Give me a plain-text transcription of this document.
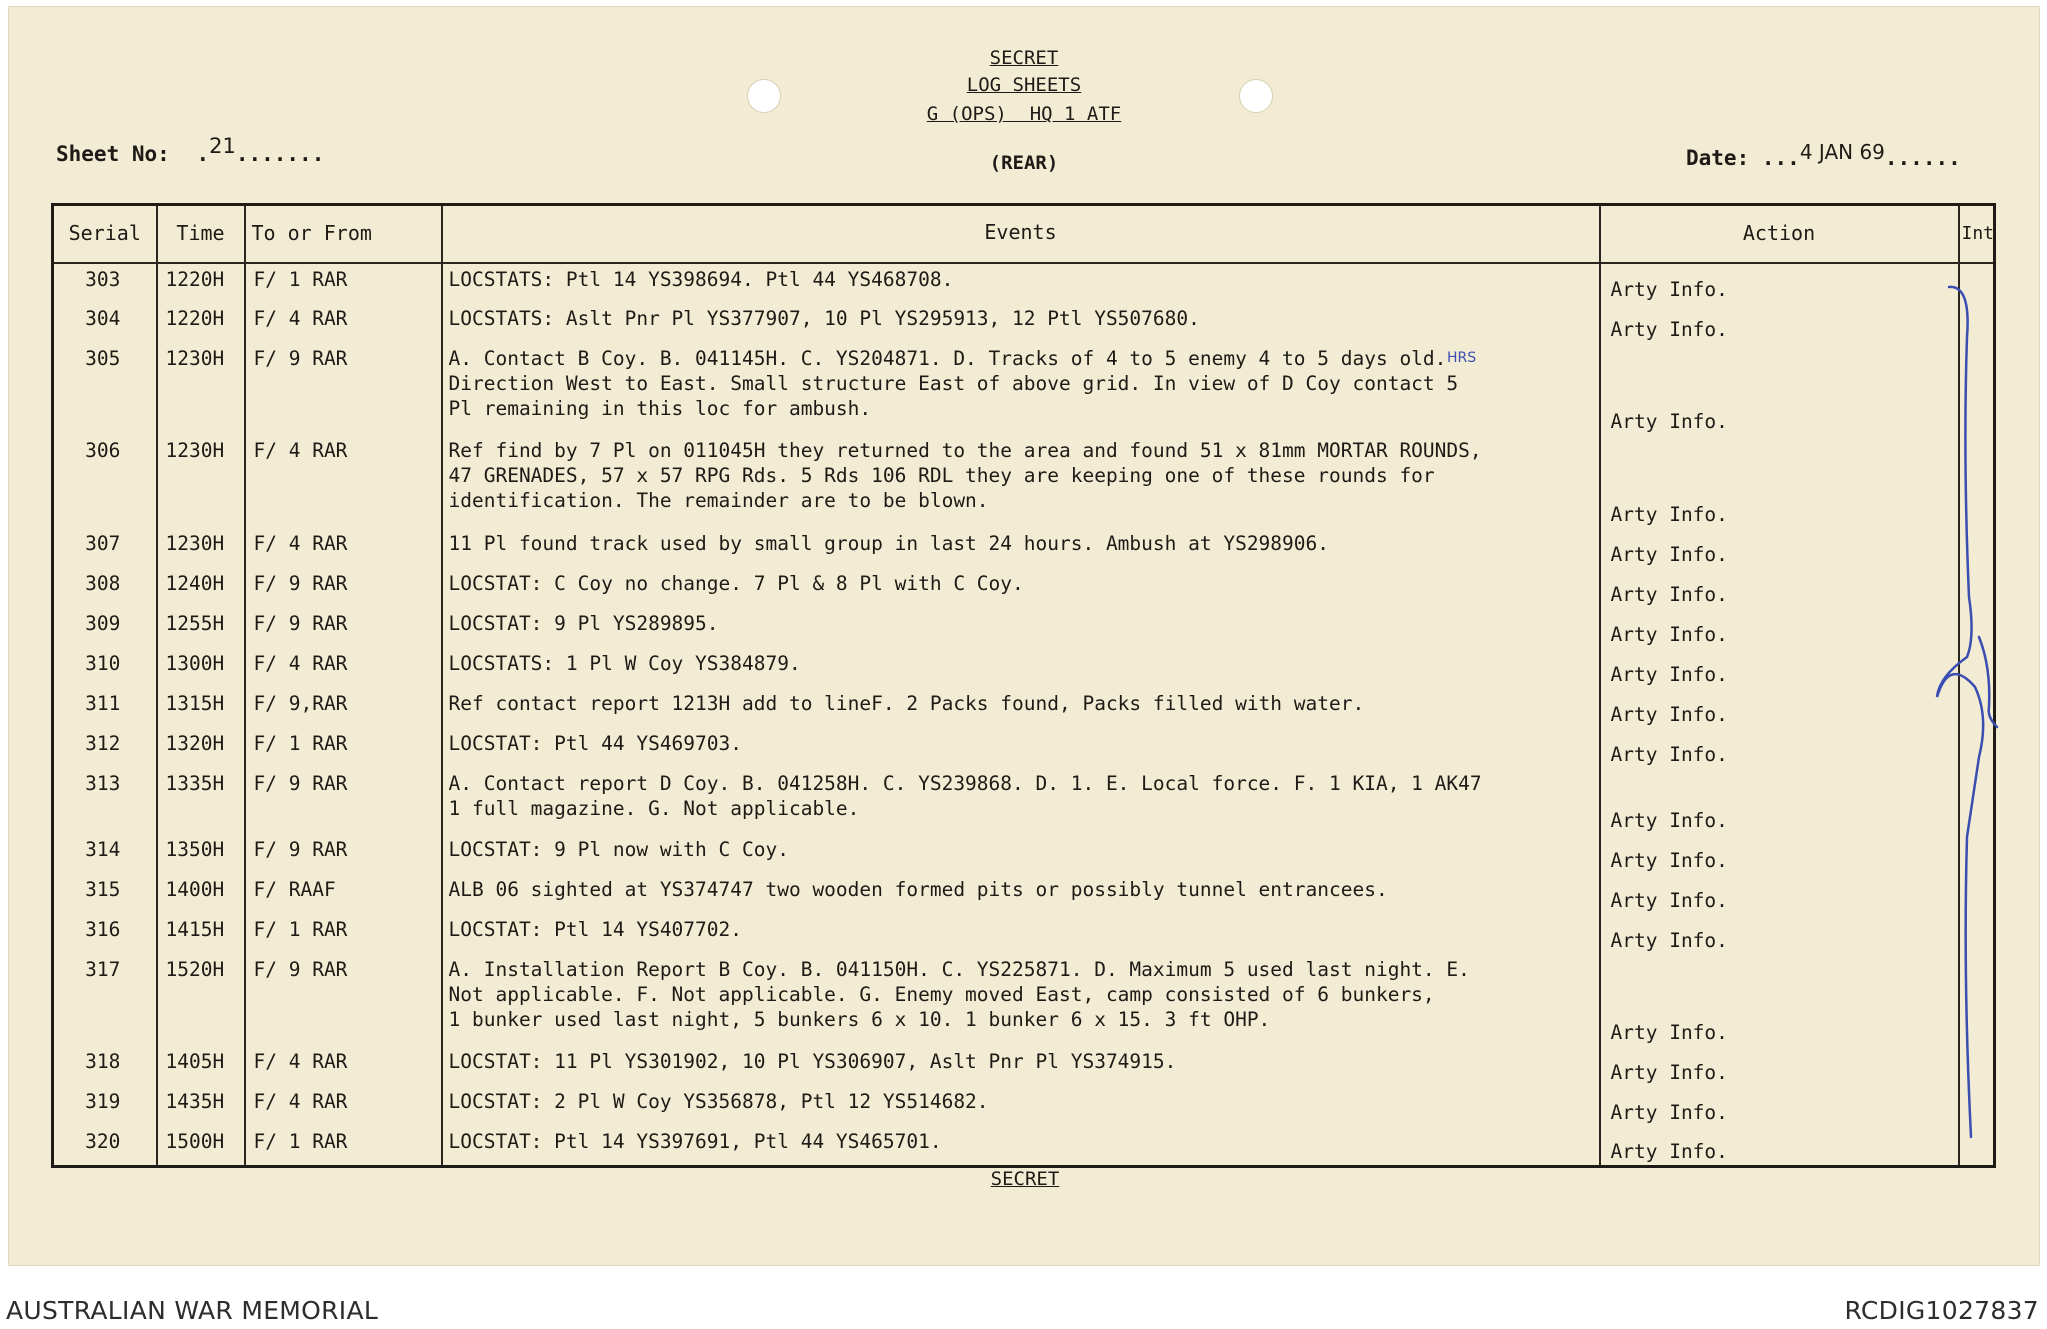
SECRET
LOG SHEETS
G (OPS)  HQ 1 ATF
(REAR)
Sheet No: .21.......	Date: ...4 JAN 69......
Serial	Time	To or From	Events	Action	Int
303	1220H	F/ 1 RAR	LOCSTATS: Ptl 14 YS398694. Ptl 44 YS468708.	Arty Info.	
304	1220H	F/ 4 RAR	LOCSTATS: Aslt Pnr Pl YS377907, 10 Pl YS295913, 12 Ptl YS507680.	Arty Info.	
305	1230H	F/ 9 RAR	A. Contact B Coy. B. 041145H. C. YS204871. D. Tracks of 4 to 5 enemy 4 to 5 days old.
Direction West to East. Small structure East of above grid. In view of D Coy contact 5
Pl remaining in this loc for ambush.	Arty Info.	
306	1230H	F/ 4 RAR	Ref find by 7 Pl on 011045H they returned to the area and found 51 x 81mm MORTAR ROUNDS,
47 GRENADES, 57 x 57 RPG Rds. 5 Rds 106 RDL they are keeping one of these rounds for
identification. The remainder are to be blown.	Arty Info.	
307	1230H	F/ 4 RAR	11 Pl found track used by small group in last 24 hours. Ambush at YS298906.	Arty Info.	
308	1240H	F/ 9 RAR	LOCSTAT: C Coy no change. 7 Pl & 8 Pl with C Coy.	Arty Info.	
309	1255H	F/ 9 RAR	LOCSTAT: 9 Pl YS289895.	Arty Info.	
310	1300H	F/ 4 RAR	LOCSTATS: 1 Pl W Coy YS384879.	Arty Info.	
311	1315H	F/ 9,RAR	Ref contact report 1213H add to lineF. 2 Packs found, Packs filled with water.	Arty Info.	
312	1320H	F/ 1 RAR	LOCSTAT: Ptl 44 YS469703.	Arty Info.	
313	1335H	F/ 9 RAR	A. Contact report D Coy. B. 041258H. C. YS239868. D. 1. E. Local force. F. 1 KIA, 1 AK47
1 full magazine. G. Not applicable.	Arty Info.	
314	1350H	F/ 9 RAR	LOCSTAT: 9 Pl now with C Coy.	Arty Info.	
315	1400H	F/ RAAF	ALB 06 sighted at YS374747 two wooden formed pits or possibly tunnel entrancees.	Arty Info.	
316	1415H	F/ 1 RAR	LOCSTAT: Ptl 14 YS407702.	Arty Info.	
317	1520H	F/ 9 RAR	A. Installation Report B Coy. B. 041150H. C. YS225871. D. Maximum 5 used last night. E.
Not applicable. F. Not applicable. G. Enemy moved East, camp consisted of 6 bunkers,
1 bunker used last night, 5 bunkers 6 x 10. 1 bunker 6 x 15. 3 ft OHP.	Arty Info.	
318	1405H	F/ 4 RAR	LOCSTAT: 11 Pl YS301902, 10 Pl YS306907, Aslt Pnr Pl YS374915.	Arty Info.	
319	1435H	F/ 4 RAR	LOCSTAT: 2 Pl W Coy YS356878, Ptl 12 YS514682.	Arty Info.	
320	1500H	F/ 1 RAR	LOCSTAT: Ptl 14 YS397691, Ptl 44 YS465701.	Arty Info.	
SECRET
HRS
AUSTRALIAN WAR MEMORIAL	RCDIG1027837
